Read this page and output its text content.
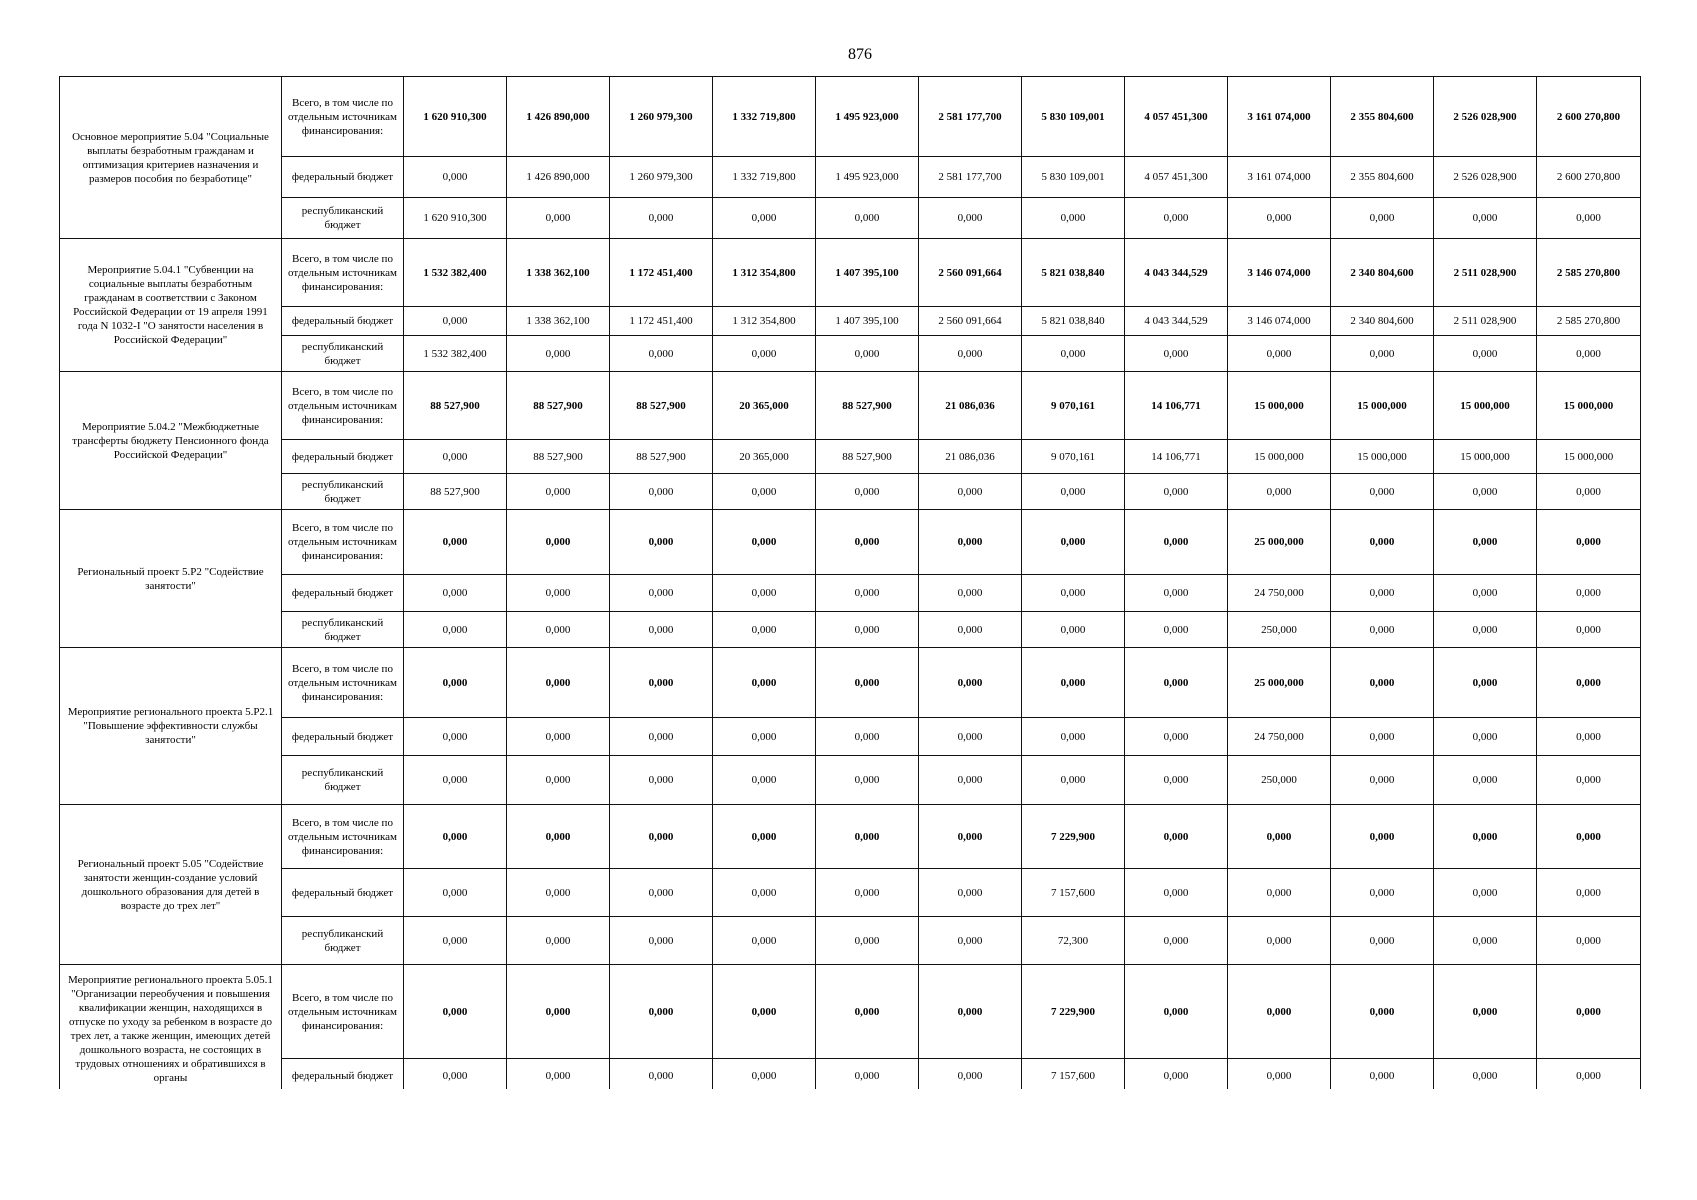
876
Основное мероприятие 5.04 "Социальные выплаты безработным гражданам и оптимизация критериев назначения и размеров пособия по безработице"	Всего, в том числе по отдельным источникам финансирования:	1 620 910,300	1 426 890,000	1 260 979,300	1 332 719,800	1 495 923,000	2 581 177,700	5 830 109,001	4 057 451,300	3 161 074,000	2 355 804,600	2 526 028,900	2 600 270,800
	федеральный бюджет	0,000	1 426 890,000	1 260 979,300	1 332 719,800	1 495 923,000	2 581 177,700	5 830 109,001	4 057 451,300	3 161 074,000	2 355 804,600	2 526 028,900	2 600 270,800
	республиканский бюджет	1 620 910,300	0,000	0,000	0,000	0,000	0,000	0,000	0,000	0,000	0,000	0,000	0,000
Мероприятие 5.04.1 "Субвенции на социальные выплаты безработным гражданам в соответствии с Законом Российской Федерации от 19 апреля 1991 года N 1032-I "О занятости населения в Российской Федерации"	Всего, в том числе по отдельным источникам финансирования:	1 532 382,400	1 338 362,100	1 172 451,400	1 312 354,800	1 407 395,100	2 560 091,664	5 821 038,840	4 043 344,529	3 146 074,000	2 340 804,600	2 511 028,900	2 585 270,800
	федеральный бюджет	0,000	1 338 362,100	1 172 451,400	1 312 354,800	1 407 395,100	2 560 091,664	5 821 038,840	4 043 344,529	3 146 074,000	2 340 804,600	2 511 028,900	2 585 270,800
	республиканский бюджет	1 532 382,400	0,000	0,000	0,000	0,000	0,000	0,000	0,000	0,000	0,000	0,000	0,000
Мероприятие 5.04.2 "Межбюджетные трансферты бюджету Пенсионного фонда Российской Федерации"	Всего, в том числе по отдельным источникам финансирования:	88 527,900	88 527,900	88 527,900	20 365,000	88 527,900	21 086,036	9 070,161	14 106,771	15 000,000	15 000,000	15 000,000	15 000,000
	федеральный бюджет	0,000	88 527,900	88 527,900	20 365,000	88 527,900	21 086,036	9 070,161	14 106,771	15 000,000	15 000,000	15 000,000	15 000,000
	республиканский бюджет	88 527,900	0,000	0,000	0,000	0,000	0,000	0,000	0,000	0,000	0,000	0,000	0,000
Региональный проект 5.P2 "Содействие занятости"	Всего, в том числе по отдельным источникам финансирования:	0,000	0,000	0,000	0,000	0,000	0,000	0,000	0,000	25 000,000	0,000	0,000	0,000
	федеральный бюджет	0,000	0,000	0,000	0,000	0,000	0,000	0,000	0,000	24 750,000	0,000	0,000	0,000
	республиканский бюджет	0,000	0,000	0,000	0,000	0,000	0,000	0,000	0,000	250,000	0,000	0,000	0,000
Мероприятие регионального проекта 5.P2.1 "Повышение эффективности службы занятости"	Всего, в том числе по отдельным источникам финансирования:	0,000	0,000	0,000	0,000	0,000	0,000	0,000	0,000	25 000,000	0,000	0,000	0,000
	федеральный бюджет	0,000	0,000	0,000	0,000	0,000	0,000	0,000	0,000	24 750,000	0,000	0,000	0,000
	республиканский бюджет	0,000	0,000	0,000	0,000	0,000	0,000	0,000	0,000	250,000	0,000	0,000	0,000
Региональный проект 5.05 "Содействие занятости женщин-создание условий дошкольного образования для детей в возрасте до трех лет"	Всего, в том числе по отдельным источникам финансирования:	0,000	0,000	0,000	0,000	0,000	0,000	7 229,900	0,000	0,000	0,000	0,000	0,000
	федеральный бюджет	0,000	0,000	0,000	0,000	0,000	0,000	7 157,600	0,000	0,000	0,000	0,000	0,000
	республиканский бюджет	0,000	0,000	0,000	0,000	0,000	0,000	72,300	0,000	0,000	0,000	0,000	0,000
Мероприятие регионального проекта 5.05.1 "Организации переобучения и повышения квалификации женщин, находящихся в отпуске по уходу за ребенком в возрасте до трех лет, а также женщин, имеющих детей дошкольного возраста, не состоящих в трудовых отношениях и обратившихся в органы	Всего, в том числе по отдельным источникам финансирования:	0,000	0,000	0,000	0,000	0,000	0,000	7 229,900	0,000	0,000	0,000	0,000	0,000
	федеральный бюджет	0,000	0,000	0,000	0,000	0,000	0,000	7 157,600	0,000	0,000	0,000	0,000	0,000
